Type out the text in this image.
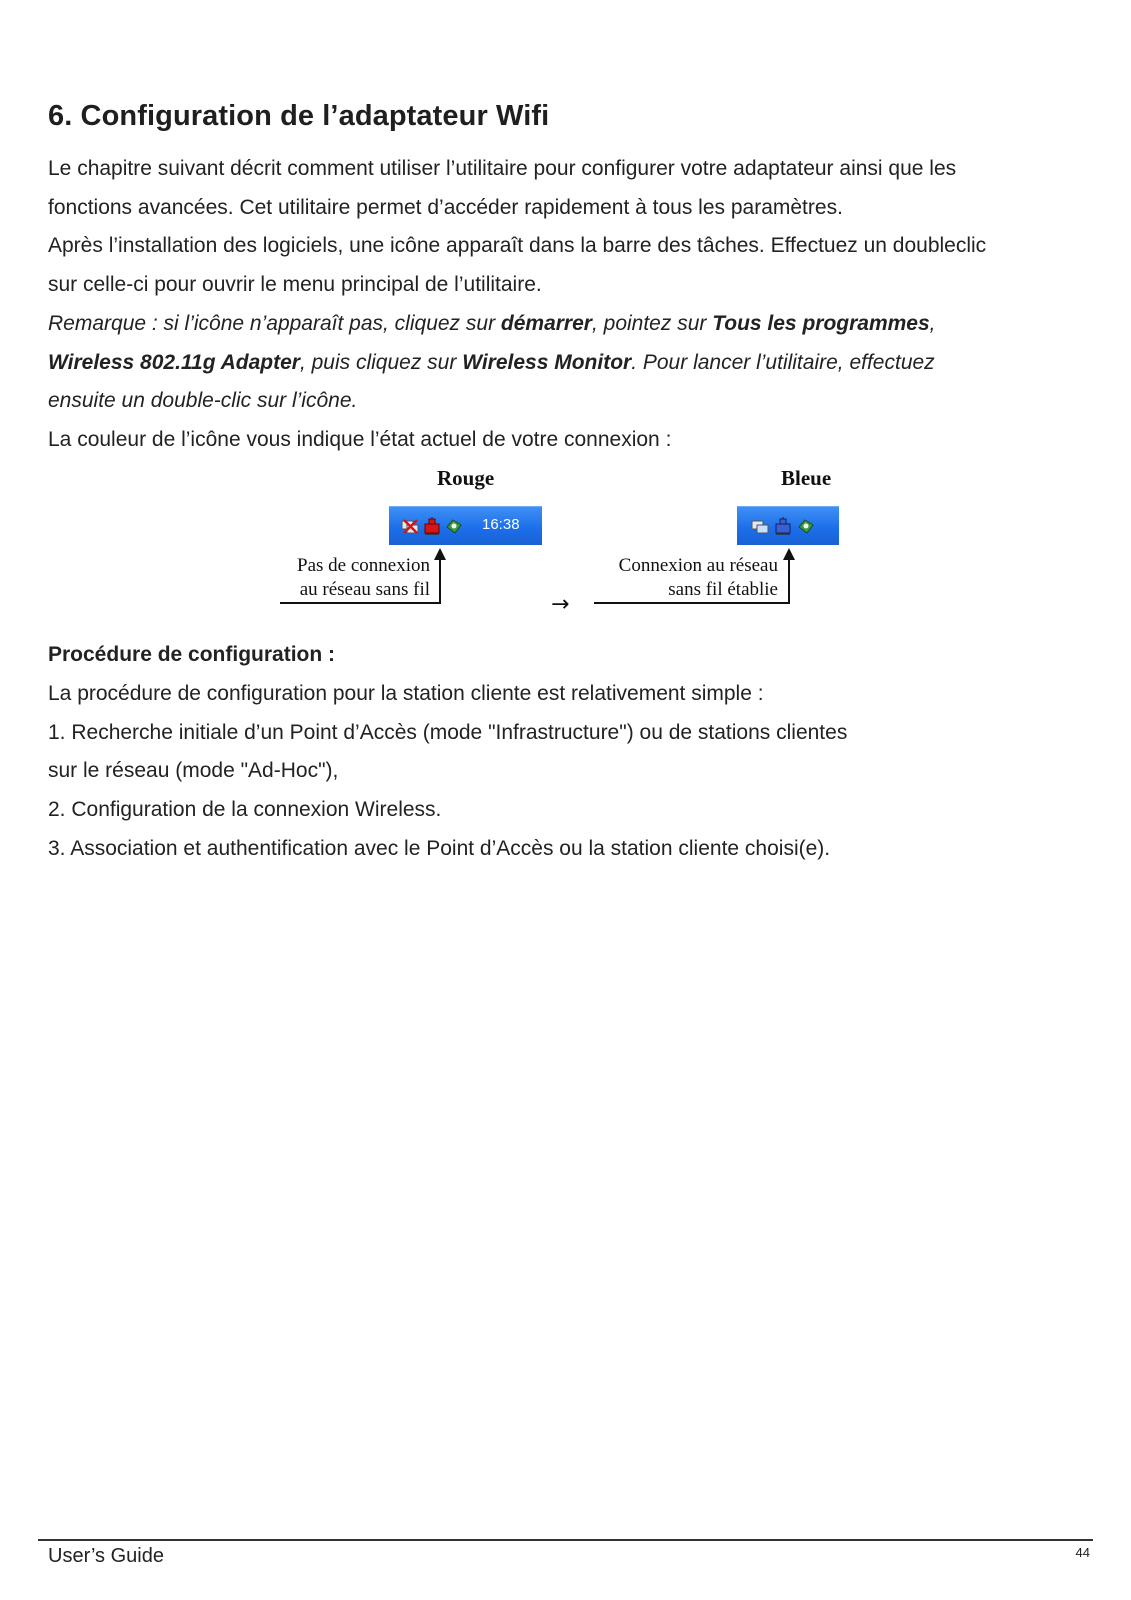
6. Configuration de l’adaptateur Wifi
Le chapitre suivant décrit comment utiliser l’utilitaire pour configurer votre adaptateur ainsi que les
fonctions avancées. Cet utilitaire permet d’accéder rapidement à tous les paramètres.
Après l’installation des logiciels, une icône apparaît dans la barre des tâches. Effectuez un doubleclic
sur celle-ci pour ouvrir le menu principal de l’utilitaire.
Remarque : si l’icône n’apparaît pas, cliquez sur démarrer, pointez sur Tous les programmes,
Wireless 802.11g Adapter, puis cliquez sur Wireless Monitor. Pour lancer l’utilitaire, effectuez
ensuite un double-clic sur l’icône.
La couleur de l’icône vous indique l’état actuel de votre connexion :
Rouge
16:38
Pas de connexion
au réseau sans fil
→
Bleue
Connexion au réseau
sans fil établie
Procédure de configuration :
La procédure de configuration pour la station cliente est relativement simple :
1. Recherche initiale d’un Point d’Accès (mode "Infrastructure") ou de stations clientes
sur le réseau (mode "Ad-Hoc"),
2. Configuration de la connexion Wireless.
3. Association et authentification avec le Point d’Accès ou la station cliente choisi(e).
User’s Guide	44
